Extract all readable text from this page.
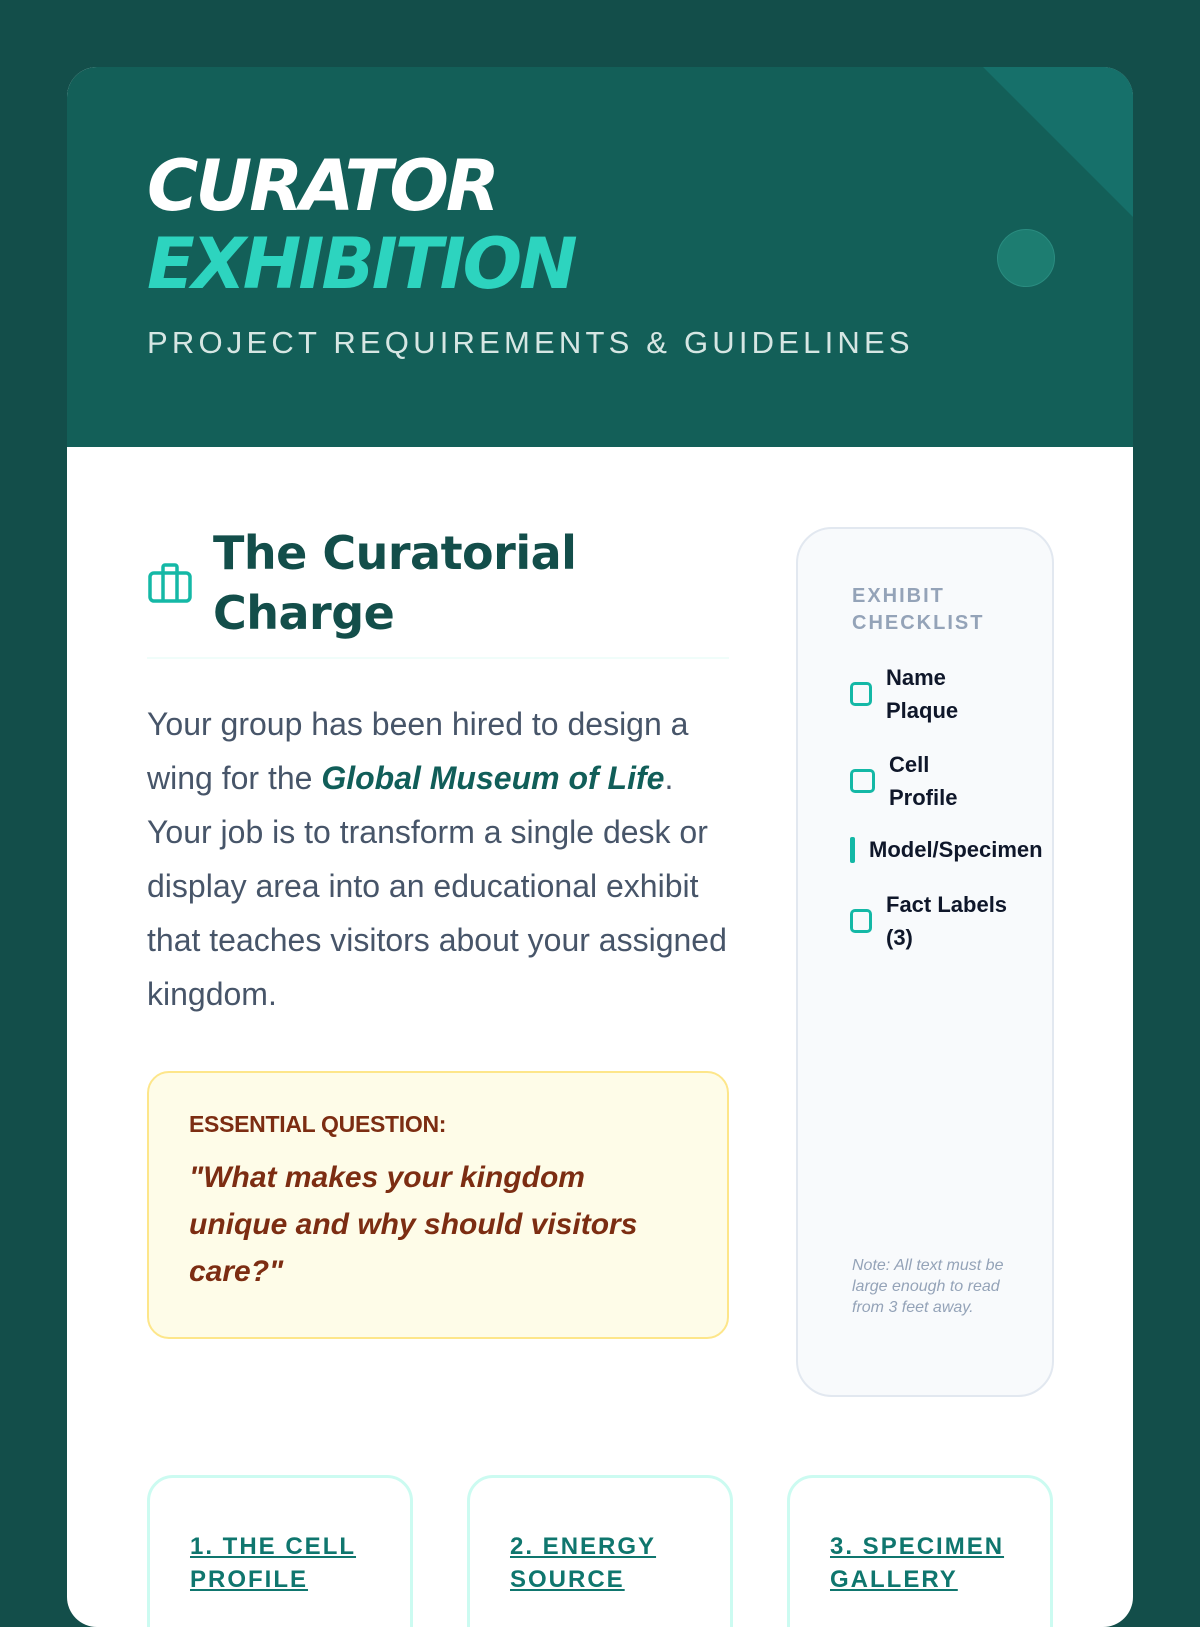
CURATOR
EXHIBITION
PROJECT REQUIREMENTS & GUIDELINES
The Curatorial Charge

Your group has been hired to design a wing for the Global Museum of Life. Your job is to transform a single desk or display area into an educational exhibit that teaches visitors about your assigned kingdom.

ESSENTIAL QUESTION:
"What makes your kingdom unique and why should visitors care?"
EXHIBIT CHECKLIST
Name Plaque
Cell Profile
Model/Specimen
Fact Labels (3)
Note: All text must be large enough to read from 3 feet away.
1. THE CELL PROFILE
2. ENERGY SOURCE
3. SPECIMEN GALLERY
